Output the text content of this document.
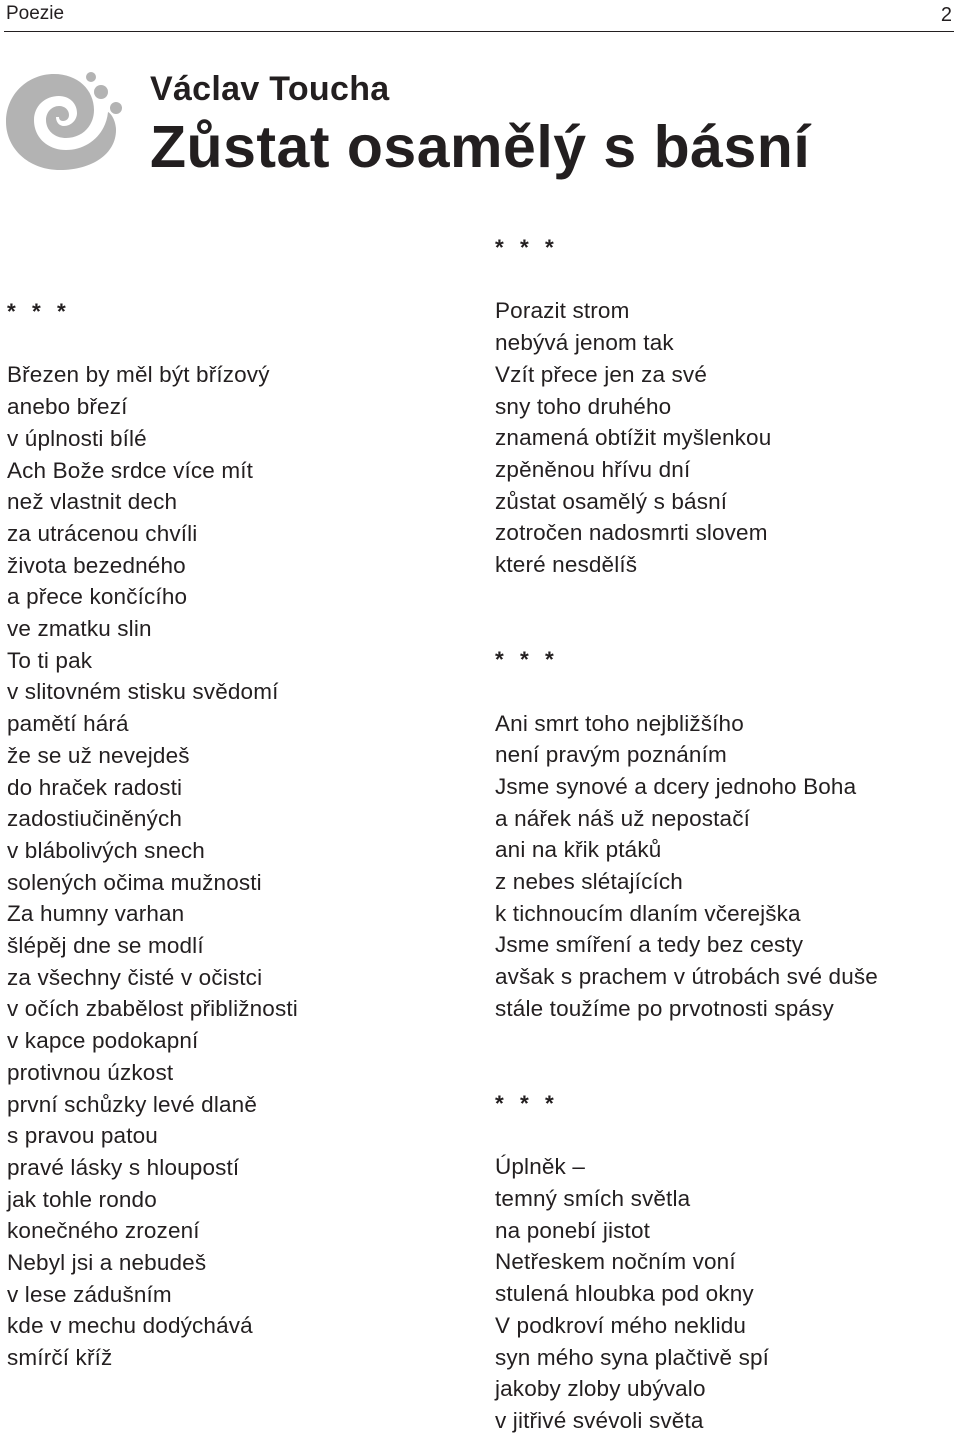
Poezie	2
Václav Toucha
Zůstat osamělý s básní
* * *
Březen by měl být břízový
anebo březí
v úplnosti bílé
Ach Bože srdce více mít
než vlastnit dech
za utrácenou chvíli
života bezedného
a přece končícího
ve zmatku slin
To ti pak
v slitovném stisku svědomí
pamětí hárá
že se už nevejdeš
do hraček radosti
zadostiučiněných
v blábolivých snech
solených očima mužnosti
Za humny varhan
šlépěj dne se modlí
za všechny čisté v očistci
v očích zbabělost přibližnosti
v kapce podokapní
protivnou úzkost
první schůzky levé dlaně
s pravou patou
pravé lásky s hloupostí
jak tohle rondo
konečného zrození
Nebyl jsi a nebudeš
v lese zádušním
kde v mechu dodýchává
smírčí kříž
* * *
Porazit strom
nebývá jenom tak
Vzít přece jen za své
sny toho druhého
znamená obtížit myšlenkou
zpěněnou hřívu dní
zůstat osamělý s básní
zotročen nadosmrti slovem
které nesdělíš
* * *
Ani smrt toho nejbližšího
není pravým poznáním
Jsme synové a dcery jednoho Boha
a nářek náš už nepostačí
ani na křik ptáků
z nebes slétajících
k tichnoucím dlaním včerejška
Jsme smíření a tedy bez cesty
avšak s prachem v útrobách své duše
stále toužíme po prvotnosti spásy
* * *
Úplněk –
temný smích světla
na ponebí jistot
Netřeskem nočním voní
stulená hloubka pod okny
V podkroví mého neklidu
syn mého syna plačtivě spí
jakoby zloby ubývalo
v jitřivé svévoli světa
